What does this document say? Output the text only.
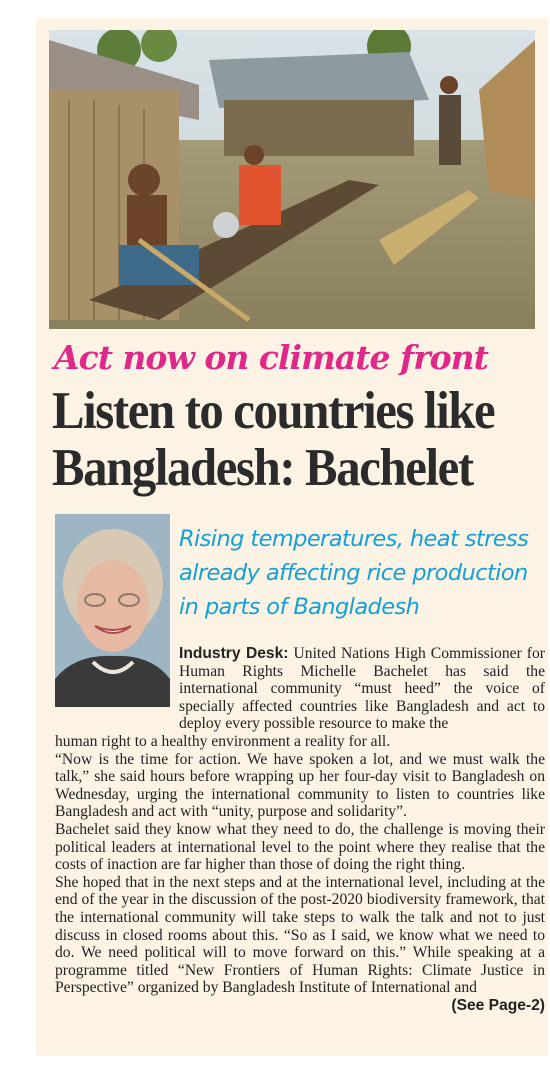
Act now on climate front
Listen to countries like
Bangladesh: Bachelet
Rising temperatures, heat stress
already affecting rice production
in parts of Bangladesh

Industry Desk: United Nations High Commissioner for Human Rights Michelle Bachelet has said the international community “must heed” the voice of specially affected countries like Bangladesh and act to deploy every possible resource to make the

human right to a healthy environment a reality for all.

“Now is the time for action. We have spoken a lot, and we must walk the talk,” she said hours before wrapping up her four-day visit to Bangladesh on Wednesday, urging the international community to listen to countries like Bangladesh and act with “unity, purpose and solidarity”.

Bachelet said they know what they need to do, the challenge is moving their political leaders at international level to the point where they realise that the costs of inaction are far higher than those of doing the right thing.

She hoped that in the next steps and at the international level, including at the end of the year in the discussion of the post-2020 biodiversity framework, that the international community will take steps to walk the talk and not to just discuss in closed rooms about this. “So as I said, we know what we need to do. We need political will to move forward on this.” While speaking at a programme titled “New Frontiers of Human Rights: Climate Justice in Perspective” organized by Bangladesh Institute of International and
(See Page-2)
